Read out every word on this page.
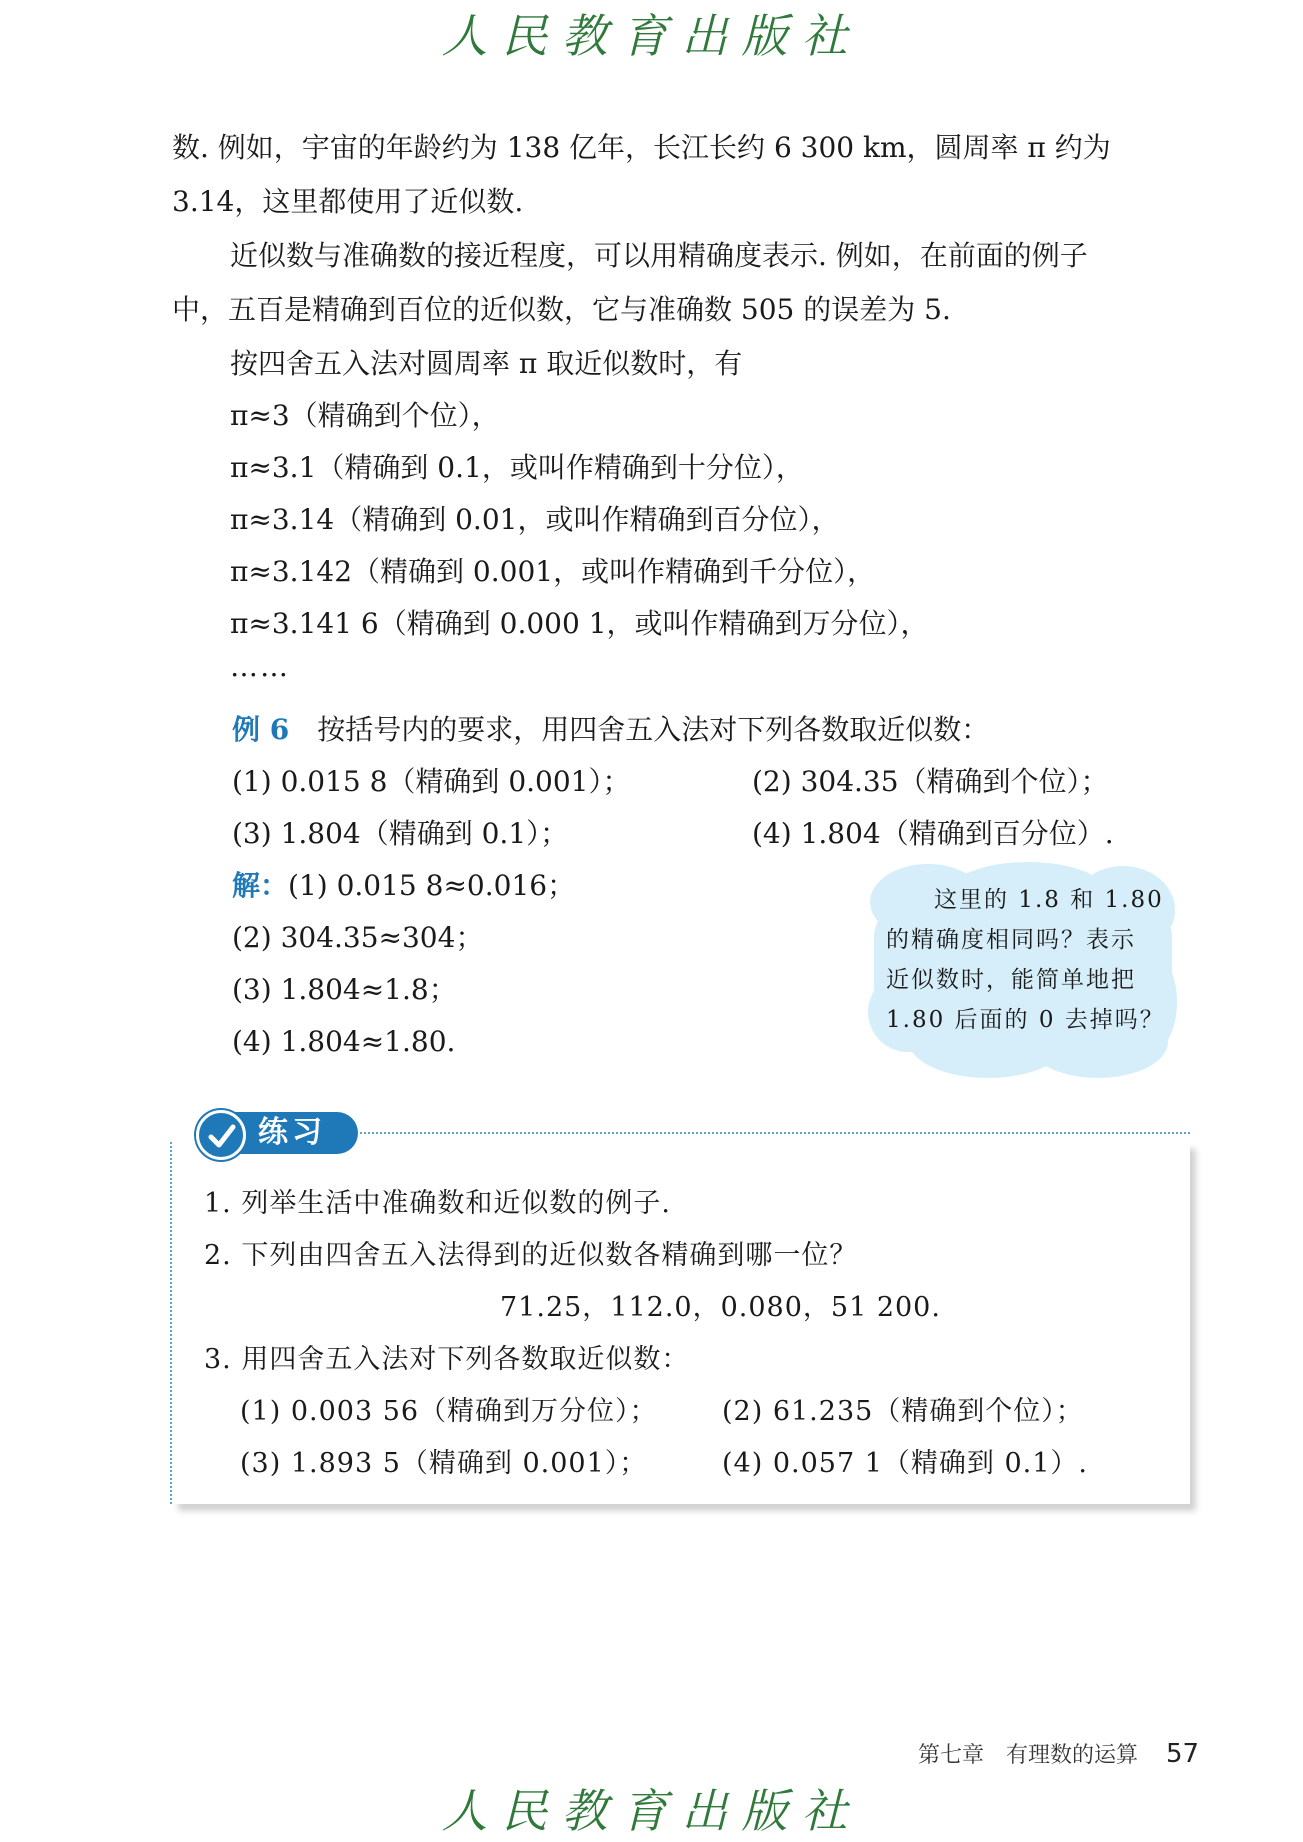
人民教育出版社
数. 例如，宇宙的年龄约为 138 亿年，长江长约 6 300 km，圆周率 π 约为
3.14，这里都使用了近似数.
近似数与准确数的接近程度，可以用精确度表示. 例如，在前面的例子
中，五百是精确到百位的近似数，它与准确数 505 的误差为 5.
按四舍五入法对圆周率 π 取近似数时，有
π≈3（精确到个位），
π≈3.1（精确到 0.1，或叫作精确到十分位），
π≈3.14（精确到 0.01，或叫作精确到百分位），
π≈3.142（精确到 0.001，或叫作精确到千分位），
π≈3.141 6（精确到 0.000 1，或叫作精确到万分位），
……
例 6 按括号内的要求，用四舍五入法对下列各数取近似数：
(1) 0.015 8（精确到 0.001）；	(2) 304.35（精确到个位）；
(3) 1.804（精确到 0.1）；	(4) 1.804（精确到百分位）.
解：(1) 0.015 8≈0.016；
(2) 304.35≈304；
(3) 1.804≈1.8；
(4) 1.804≈1.80.
这里的 1.8 和 1.80
的精确度相同吗？表示
近似数时，能简单地把
1.80 后面的 0 去掉吗？
练习
1. 列举生活中准确数和近似数的例子.
2. 下列由四舍五入法得到的近似数各精确到哪一位？
71.25，112.0，0.080，51 200.
3. 用四舍五入法对下列各数取近似数：
(1) 0.003 56（精确到万分位）； (2) 61.235（精确到个位）；
(3) 1.893 5（精确到 0.001）；	(4) 0.057 1（精确到 0.1）.
第七章　有理数的运算 57
人民教育出版社
